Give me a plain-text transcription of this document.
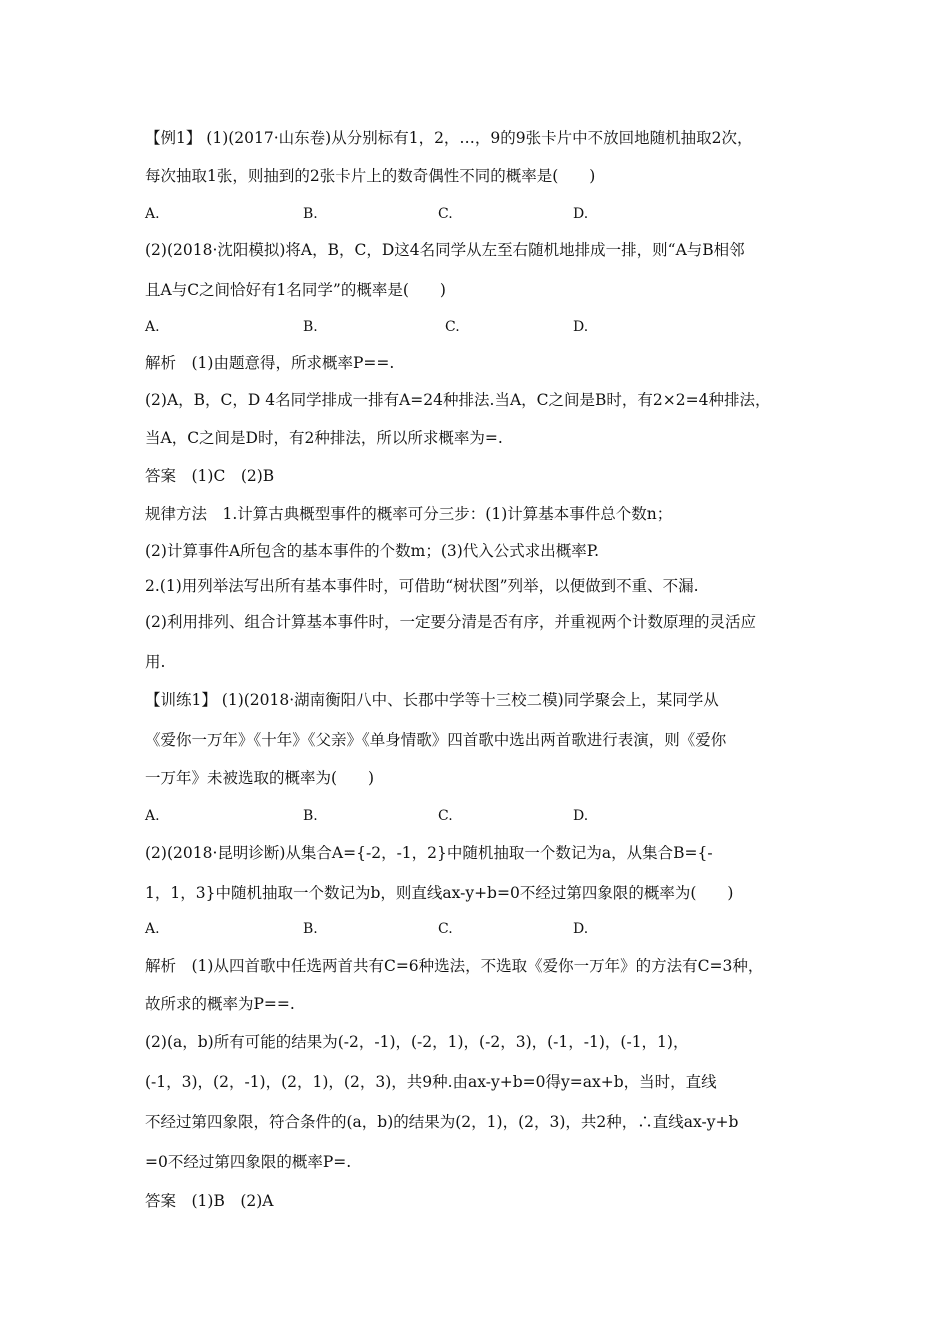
【例1】 (1)(2017·山东卷)从分别标有1，2，…，9的9张卡片中不放回地随机抽取2次，
每次抽取1张，则抽到的2张卡片上的数奇偶性不同的概率是(　　)
A.	B.	C.	D.
(2)(2018·沈阳模拟)将A，B，C，D这4名同学从左至右随机地排成一排，则“A与B相邻
且A与C之间恰好有1名同学”的概率是(　　)
A.	B.	C.	D.
解析　(1)由题意得，所求概率P==.
(2)A，B，C，D 4名同学排成一排有A=24种排法.当A，C之间是B时，有2×2=4种排法，
当A，C之间是D时，有2种排法，所以所求概率为=.
答案　(1)C　(2)B
规律方法　1.计算古典概型事件的概率可分三步：(1)计算基本事件总个数n；
(2)计算事件A所包含的基本事件的个数m；(3)代入公式求出概率P.
2.(1)用列举法写出所有基本事件时，可借助“树状图”列举，以便做到不重、不漏.
(2)利用排列、组合计算基本事件时，一定要分清是否有序，并重视两个计数原理的灵活应
用.
【训练1】 (1)(2018·湖南衡阳八中、长郡中学等十三校二模)同学聚会上，某同学从
《爱你一万年》《十年》《父亲》《单身情歌》四首歌中选出两首歌进行表演，则《爱你
一万年》未被选取的概率为(　　)
A.	B.	C.	D.
(2)(2018·昆明诊断)从集合A={-2，-1，2}中随机抽取一个数记为a，从集合B={-
1，1，3}中随机抽取一个数记为b，则直线ax-y+b=0不经过第四象限的概率为(　　)
A.	B.	C.	D.
解析　(1)从四首歌中任选两首共有C=6种选法，不选取《爱你一万年》的方法有C=3种，
故所求的概率为P==.
(2)(a，b)所有可能的结果为(-2，-1)，(-2，1)，(-2，3)，(-1，-1)，(-1，1)，
(-1，3)，(2，-1)，(2，1)，(2，3)，共9种.由ax-y+b=0得y=ax+b，当时，直线
不经过第四象限，符合条件的(a，b)的结果为(2，1)，(2，3)，共2种，∴直线ax-y+b
=0不经过第四象限的概率P=.
答案　(1)B　(2)A
